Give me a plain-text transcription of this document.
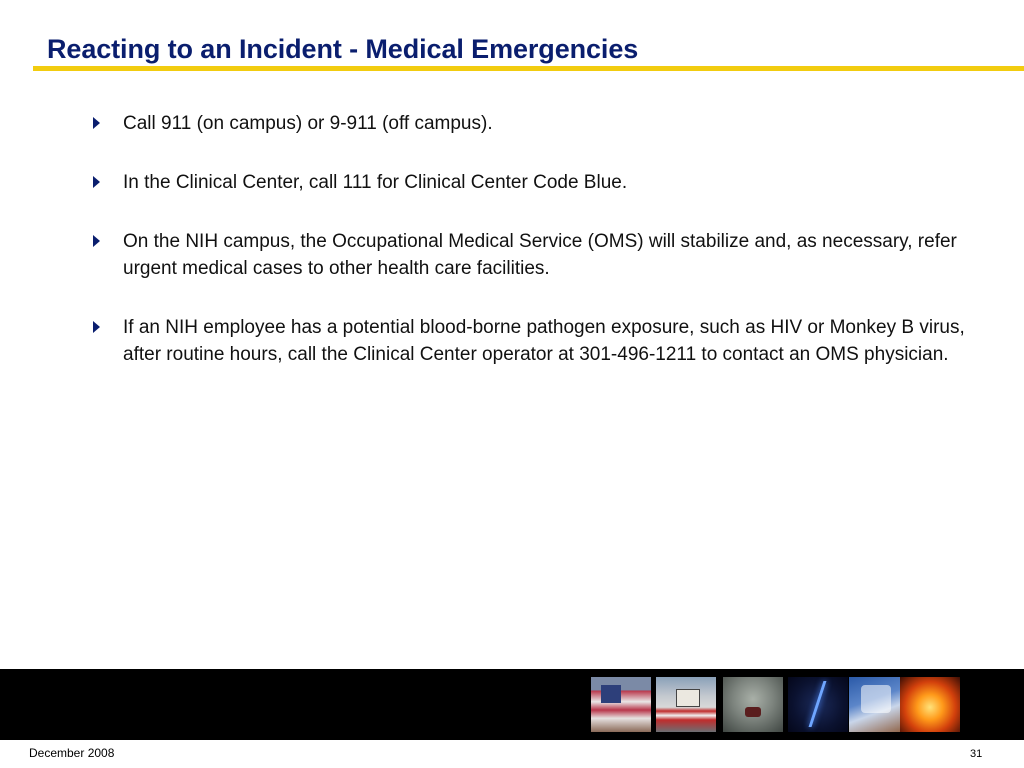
Reacting to an Incident - Medical Emergencies
Call 911 (on campus) or 9-911 (off campus).
In the Clinical Center, call 111 for Clinical Center Code Blue.
On the NIH campus, the Occupational Medical Service (OMS) will stabilize and, as necessary, refer urgent medical cases to other health care facilities.
If an NIH employee has a potential blood-borne pathogen exposure, such as HIV or Monkey B virus, after routine hours, call the Clinical Center operator at 301-496-1211 to contact an OMS physician.
December 2008	31
